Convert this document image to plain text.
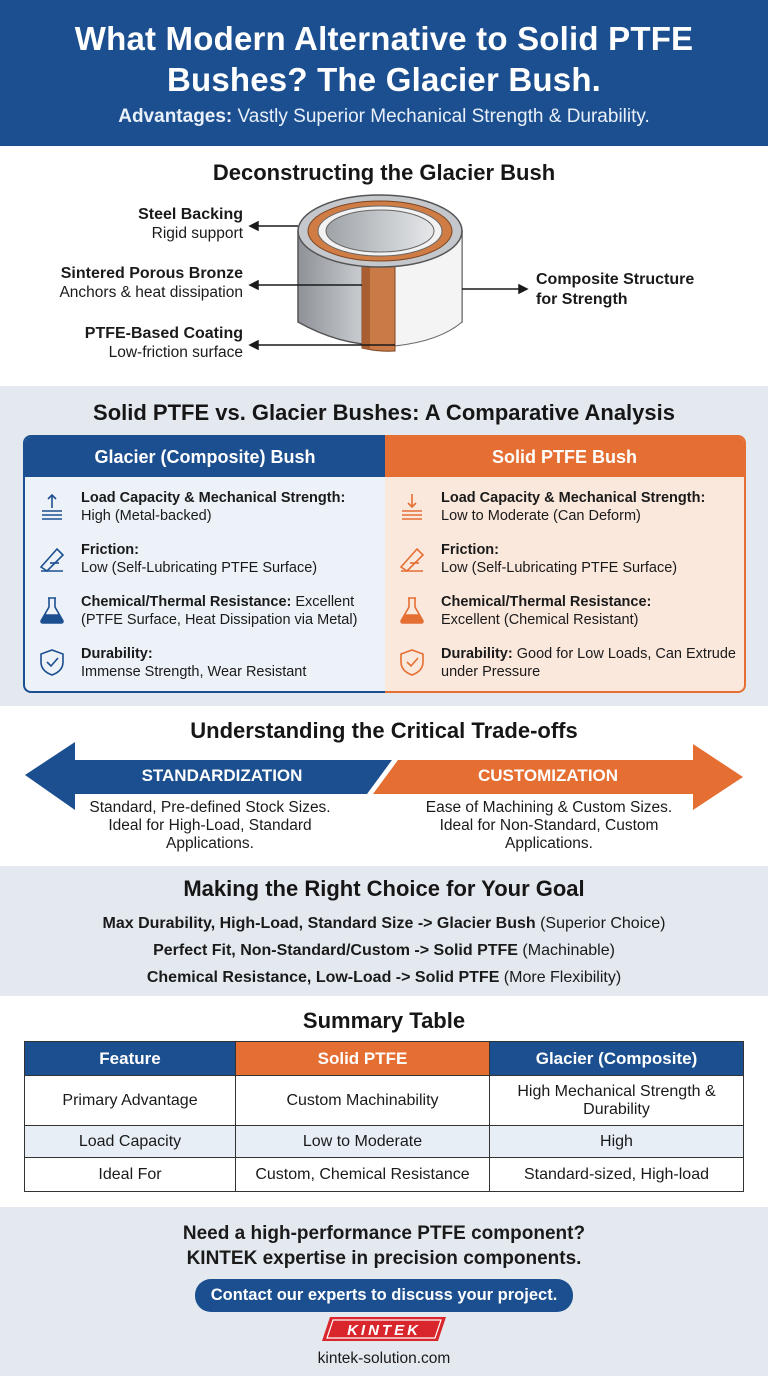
What Modern Alternative to Solid PTFE Bushes? The Glacier Bush.
Advantages: Vastly Superior Mechanical Strength & Durability.
Deconstructing the Glacier Bush
Steel Backing
Rigid support
Sintered Porous Bronze
Anchors & heat dissipation
PTFE-Based Coating
Low-friction surface
Composite Structure
for Strength
Solid PTFE vs. Glacier Bushes: A Comparative Analysis
Glacier (Composite) Bush
Load Capacity & Mechanical Strength:
High (Metal-backed)
Friction:
Low (Self-Lubricating PTFE Surface)
Chemical/Thermal Resistance: Excellent (PTFE Surface, Heat Dissipation via Metal)
Durability:
Immense Strength, Wear Resistant
Solid PTFE Bush
Load Capacity & Mechanical Strength:
Low to Moderate (Can Deform)
Friction:
Low (Self-Lubricating PTFE Surface)
Chemical/Thermal Resistance:
Excellent (Chemical Resistant)
Durability: Good for Low Loads, Can Extrude under Pressure
Understanding the Critical Trade-offs
STANDARDIZATION	CUSTOMIZATION
Standard, Pre-defined Stock Sizes.
Ideal for High-Load, Standard
Applications.
Ease of Machining & Custom Sizes.
Ideal for Non-Standard, Custom
Applications.
Making the Right Choice for Your Goal
Max Durability, High-Load, Standard Size -> Glacier Bush (Superior Choice)
Perfect Fit, Non-Standard/Custom -> Solid PTFE (Machinable)
Chemical Resistance, Low-Load -> Solid PTFE (More Flexibility)
Summary Table
Feature	Solid PTFE	Glacier (Composite)
Primary Advantage	Custom Machinability	High Mechanical Strength & Durability
Load Capacity	Low to Moderate	High
Ideal For	Custom, Chemical Resistance	Standard-sized, High-load
Need a high-performance PTFE component?
KINTEK expertise in precision components.
Contact our experts to discuss your project.
KINTEK
kintek-solution.com
